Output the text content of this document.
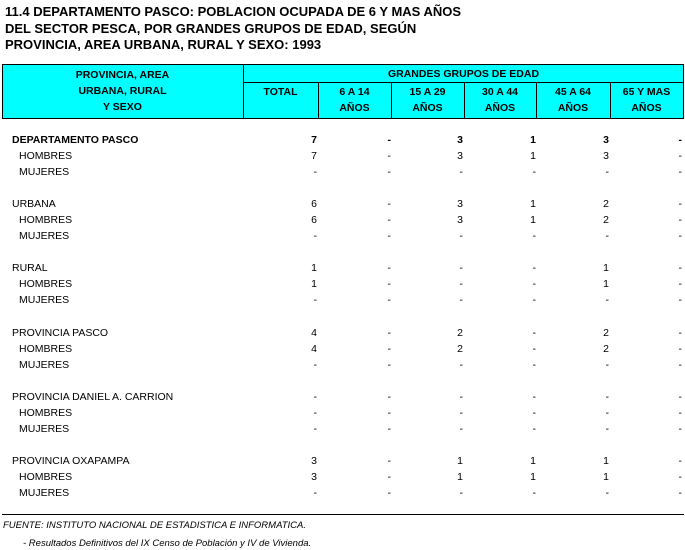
11.4 DEPARTAMENTO PASCO: POBLACION OCUPADA DE 6 Y MAS AÑOS
DEL SECTOR PESCA, POR GRANDES GRUPOS DE EDAD, SEGÚN
PROVINCIA, AREA URBANA, RURAL Y SEXO: 1993
PROVINCIA, AREA
URBANA, RURAL
Y SEXO
GRANDES GRUPOS DE EDAD
TOTAL	6 A 14
AÑOS
15 A 29
AÑOS
30 A 44
AÑOS
45 A 64
AÑOS
65 Y MAS
AÑOS
DEPARTAMENTO PASCO	7	-	3	1	3	-
HOMBRES	7	-	3	1	3	-
MUJERES	-	-	-	-	-	-
URBANA	6	-	3	1	2	-
HOMBRES	6	-	3	1	2	-
MUJERES	-	-	-	-	-	-
RURAL	1	-	-	-	1	-
HOMBRES	1	-	-	-	1	-
MUJERES	-	-	-	-	-	-
PROVINCIA PASCO	4	-	2	-	2	-
HOMBRES	4	-	2	-	2	-
MUJERES	-	-	-	-	-	-
PROVINCIA DANIEL A. CARRION	-	-	-	-	-	-
HOMBRES	-	-	-	-	-	-
MUJERES	-	-	-	-	-	-
PROVINCIA OXAPAMPA	3	-	1	1	1	-
HOMBRES	3	-	1	1	1	-
MUJERES	-	-	-	-	-	-
FUENTE: INSTITUTO NACIONAL DE ESTADISTICA E INFORMATICA.
- Resultados Definitivos del IX Censo de Población y IV de Vivienda.
